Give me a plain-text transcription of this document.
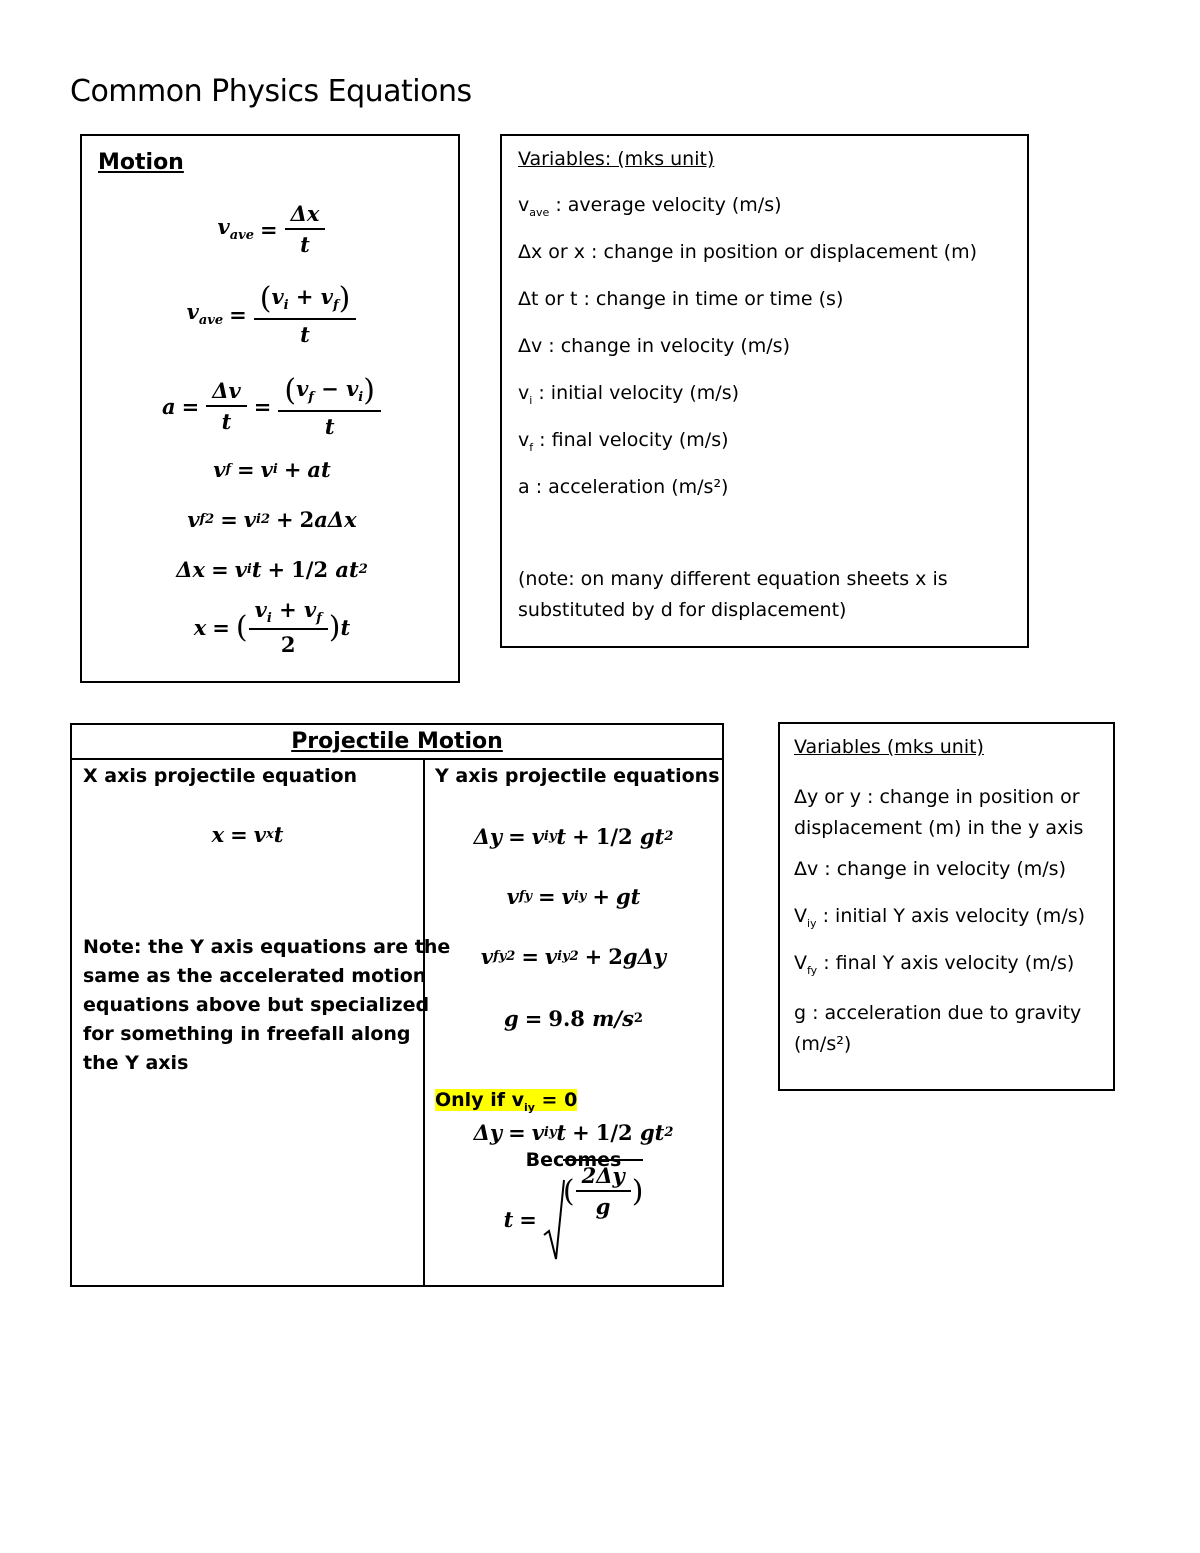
Common Physics Equations
Motion
$v_{ave} = \frac{\Delta x}{t}$
$v_{ave} = \frac{(v_i + v_f)}{t}$
$a = \frac{\Delta v}{t} = \frac{(v_f - v_i)}{t}$
v f = v i + at
v f 2 = v i 2 + 2 aΔx
Δx = v i t + 1/2 at 2
x = ( $\frac{v_i + v_f}{2}$ ) t
Variables: (mks unit)
$v_{ave}$ : average velocity (m/s)
Δx or x : change in position or displacement (m)
Δt or t : change in time or time (s)
Δv : change in velocity (m/s)
$v_i$ : initial velocity (m/s)
$v_f$ : final velocity (m/s)
a : acceleration (m/s²)
(note: on many different equation sheets x is
substituted by d for displacement)
Projectile Motion
X axis projectile equation	Y axis projectile equations
x = v x t
Note: the Y axis equations are the
same as the accelerated motion
equations above but specialized
for something in freefall along
the Y axis
Δy = v iy t + 1/2 gt 2
v fy = v iy + gt
v fy 2 = v iy 2 + 2 gΔy
g = 9.8 m/s 2
Only if $v_{iy} = 0$
Δy = v iy t + 1/2 gt 2
Becomes
t =
( $\frac{2\Delta y}{g}$ )
Variables (mks unit)
Δy or y : change in position or
displacement (m) in the y axis
Δv : change in velocity (m/s)
$V_{iy}$ : initial Y axis velocity (m/s)
$V_{fy}$ : final Y axis velocity (m/s)
g : acceleration due to gravity
(m/s²)
